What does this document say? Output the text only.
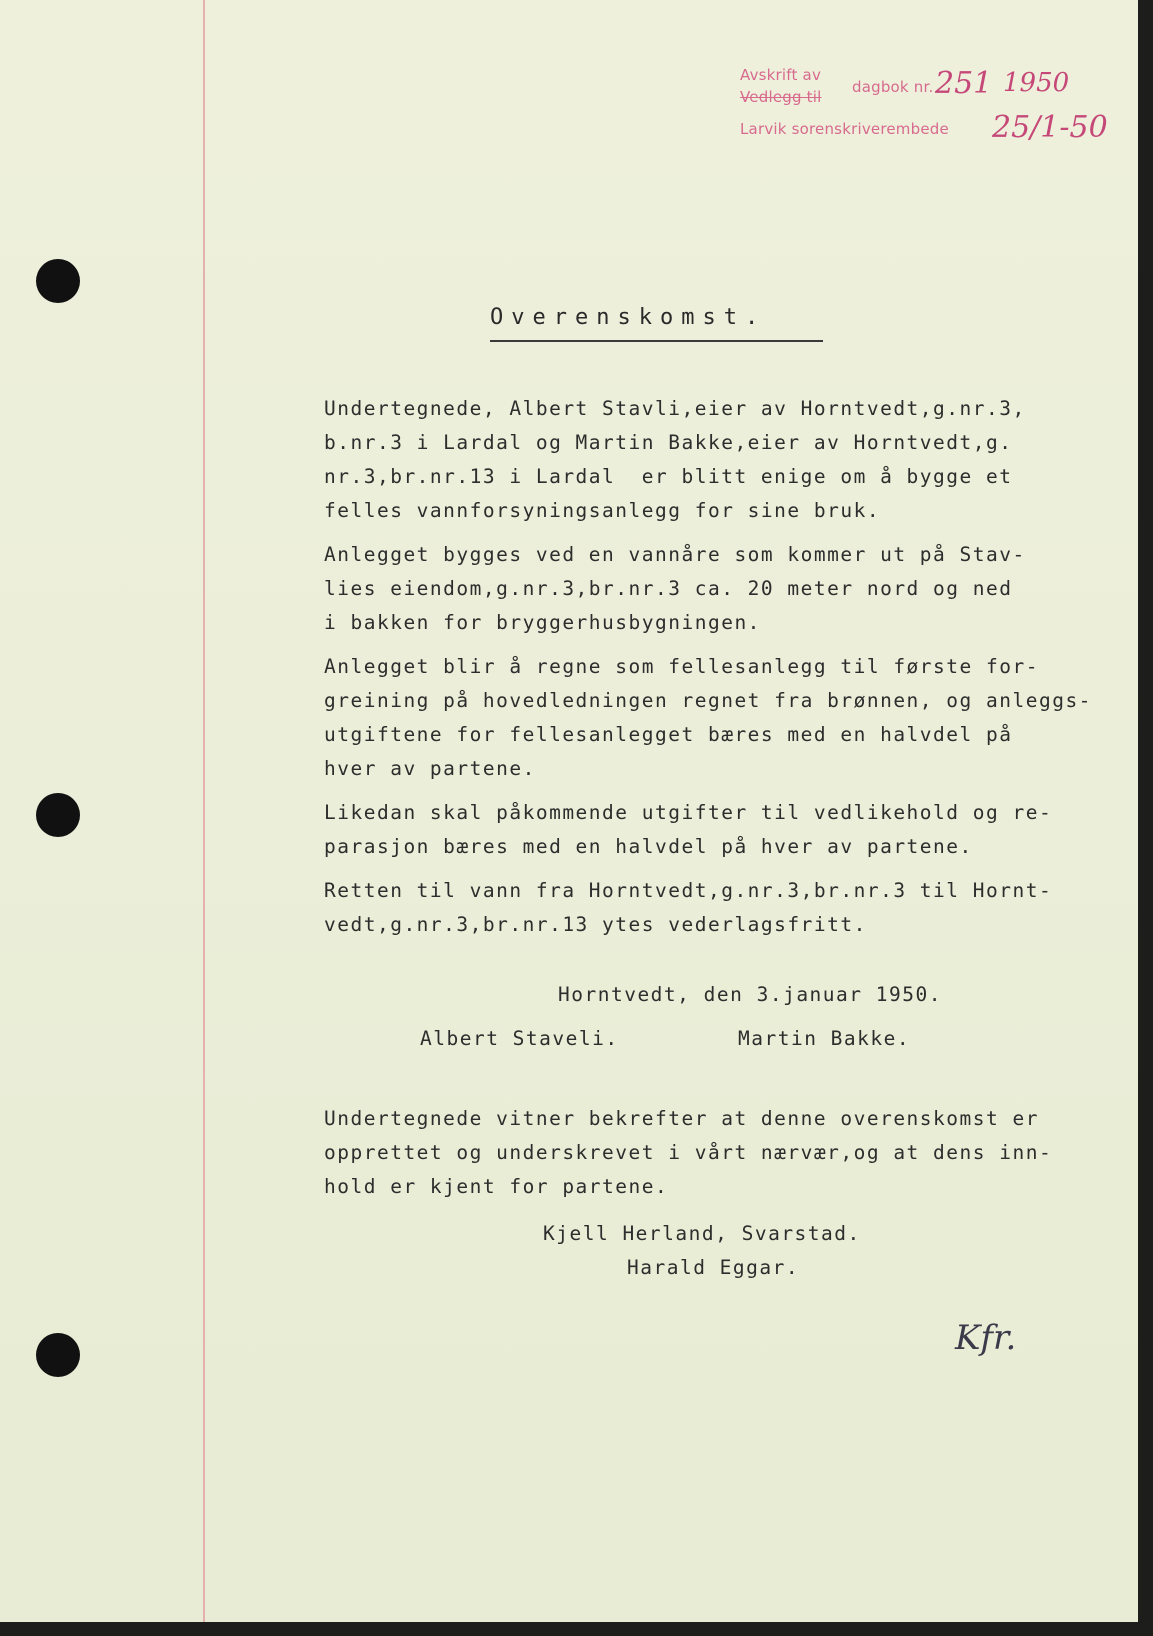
Avskrift av
Vedlegg til
dagbok nr.
Larvik sorenskriverembede
251 1950
25/1-50
Overenskomst.
Undertegnede, Albert Stavli,eier av Horntvedt,g.nr.3,
b.nr.3 i Lardal og Martin Bakke,eier av Horntvedt,g.
nr.3,br.nr.13 i Lardal  er blitt enige om å bygge et
felles vannforsyningsanlegg for sine bruk.
Anlegget bygges ved en vannåre som kommer ut på Stav-
lies eiendom,g.nr.3,br.nr.3 ca. 20 meter nord og ned
i bakken for bryggerhusbygningen.
Anlegget blir å regne som fellesanlegg til første for-
greining på hovedledningen regnet fra brønnen, og anleggs-
utgiftene for fellesanlegget bæres med en halvdel på
hver av partene.
Likedan skal påkommende utgifter til vedlikehold og re-
parasjon bæres med en halvdel på hver av partene.
Retten til vann fra Horntvedt,g.nr.3,br.nr.3 til Hornt-
vedt,g.nr.3,br.nr.13 ytes vederlagsfritt.
Horntvedt, den 3.januar 1950.
Albert Staveli.	Martin Bakke.
Undertegnede vitner bekrefter at denne overenskomst er
opprettet og underskrevet i vårt nærvær,og at dens inn-
hold er kjent for partene.
Kjell Herland, Svarstad.
Harald Eggar.
Kfr.
